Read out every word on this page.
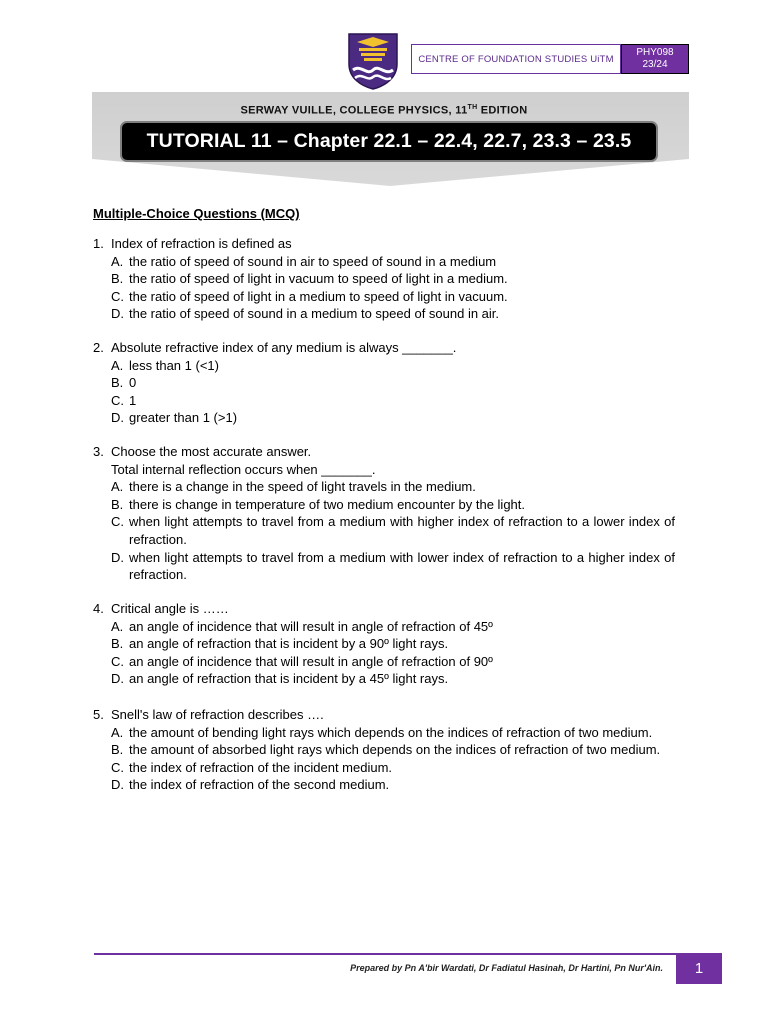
CENTRE OF FOUNDATION STUDIES UiTM
PHY098
23/24
SERWAY VUILLE, COLLEGE PHYSICS, 11TH EDITION
TUTORIAL 11 – Chapter 22.1 – 22.4, 22.7, 23.3 – 23.5
Multiple-Choice Questions (MCQ)
1. Index of refraction is defined as
A. the ratio of speed of sound in air to speed of sound in a medium
B. the ratio of speed of light in vacuum to speed of light in a medium.
C. the ratio of speed of light in a medium to speed of light in vacuum.
D. the ratio of speed of sound in a medium to speed of sound in air.
2. Absolute refractive index of any medium is always _______.
A. less than 1 (<1)
B. 0
C. 1
D. greater than 1 (>1)
3. Choose the most accurate answer.
Total internal reflection occurs when _______.
A. there is a change in the speed of light travels in the medium.
B. there is change in temperature of two medium encounter by the light.
C. when light attempts to travel from a medium with higher index of refraction to a lower index of refraction.
D. when light attempts to travel from a medium with lower index of refraction to a higher index of refraction.
4. Critical angle is ……
A. an angle of incidence that will result in angle of refraction of 45º
B. an angle of refraction that is incident by a 90º light rays.
C. an angle of incidence that will result in angle of refraction of 90º
D. an angle of refraction that is incident by a 45º light rays.
5. Snell's law of refraction describes ….
A. the amount of bending light rays which depends on the indices of refraction of two medium.
B. the amount of absorbed light rays which depends on the indices of refraction of two medium.
C. the index of refraction of the incident medium.
D. the index of refraction of the second medium.
Prepared by Pn A'bir Wardati, Dr Fadiatul Hasinah, Dr Hartini, Pn Nur'Ain.	1
